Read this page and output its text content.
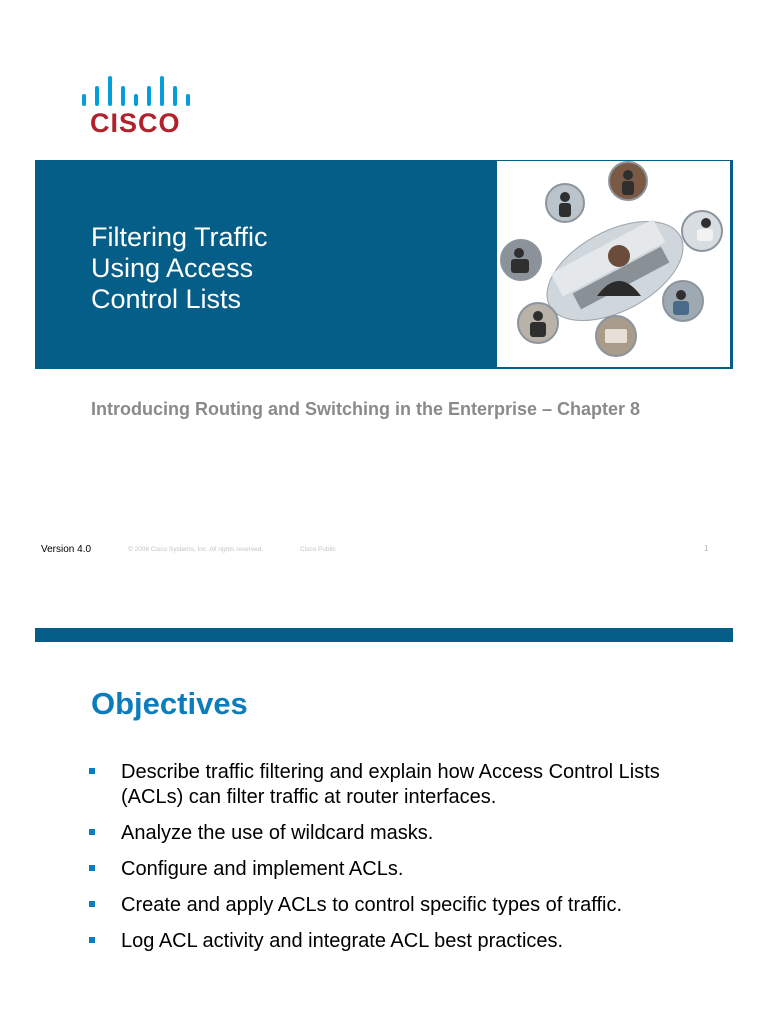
CISCO
Filtering Traffic
Using Access
Control Lists
Introducing Routing and Switching in the Enterprise – Chapter 8
Version 4.0	© 2006 Cisco Systems, Inc. All rights reserved.	Cisco Public	1
Objectives
Describe traffic filtering and explain how Access Control Lists (ACLs) can filter traffic at router interfaces.
Analyze the use of wildcard masks.
Configure and implement ACLs.
Create and apply ACLs to control specific types of traffic.
Log ACL activity and integrate ACL best practices.
